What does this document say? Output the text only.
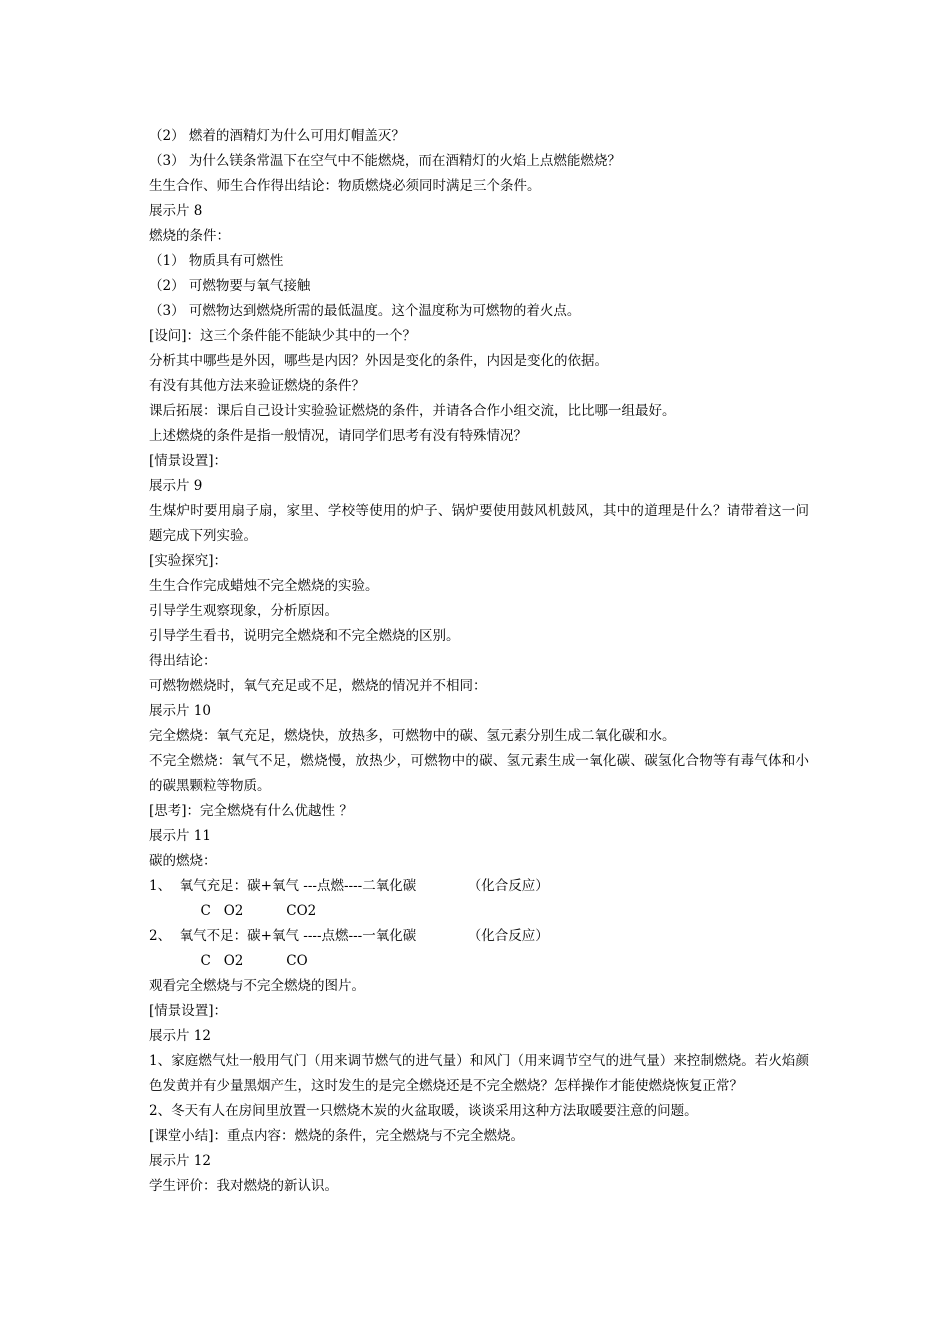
（2） 燃着的酒精灯为什么可用灯帽盖灭？
（3） 为什么镁条常温下在空气中不能燃烧，而在酒精灯的火焰上点燃能燃烧？
生生合作、师生合作得出结论：物质燃烧必须同时满足三个条件。
展示片 8
燃烧的条件：
（1） 物质具有可燃性
（2） 可燃物要与氧气接触
（3） 可燃物达到燃烧所需的最低温度。这个温度称为可燃物的着火点。
[设问]：这三个条件能不能缺少其中的一个？
分析其中哪些是外因，哪些是内因？外因是变化的条件，内因是变化的依据。
有没有其他方法来验证燃烧的条件？
课后拓展：课后自己设计实验验证燃烧的条件，并请各合作小组交流，比比哪一组最好。
上述燃烧的条件是指一般情况，请同学们思考有没有特殊情况？
[情景设置]：
展示片 9
生煤炉时要用扇子扇，家里、学校等使用的炉子、锅炉要使用鼓风机鼓风，其中的道理是什么？请带着这一问题完成下列实验。
[实验探究]：
生生合作完成蜡烛不完全燃烧的实验。
引导学生观察现象，分析原因。
引导学生看书，说明完全燃烧和不完全燃烧的区别。
得出结论：
可燃物燃烧时，氧气充足或不足，燃烧的情况并不相同：
展示片 10
完全燃烧：氧气充足，燃烧快，放热多，可燃物中的碳、氢元素分别生成二氧化碳和水。
不完全燃烧：氧气不足，燃烧慢，放热少，可燃物中的碳、氢元素生成一氧化碳、碳氢化合物等有毒气体和小的碳黑颗粒等物质。
[思考]：完全燃烧有什么优越性 ？
展示片 11
碳的燃烧：
1、  氧气充足：碳+氧气 ---点燃----二氧化碳            （化合反应）
C   O2          CO2
2、  氧气不足：碳+氧气 ----点燃---一氧化碳            （化合反应）
C   O2          CO
观看完全燃烧与不完全燃烧的图片。
[情景设置]：
展示片 12
1、家庭燃气灶一般用气门（用来调节燃气的进气量）和风门（用来调节空气的进气量）来控制燃烧。若火焰颜色发黄并有少量黑烟产生，这时发生的是完全燃烧还是不完全燃烧？怎样操作才能使燃烧恢复正常？
2、冬天有人在房间里放置一只燃烧木炭的火盆取暖，谈谈采用这种方法取暖要注意的问题。
[课堂小结]：重点内容：燃烧的条件，完全燃烧与不完全燃烧。
展示片 12
学生评价：我对燃烧的新认识。
